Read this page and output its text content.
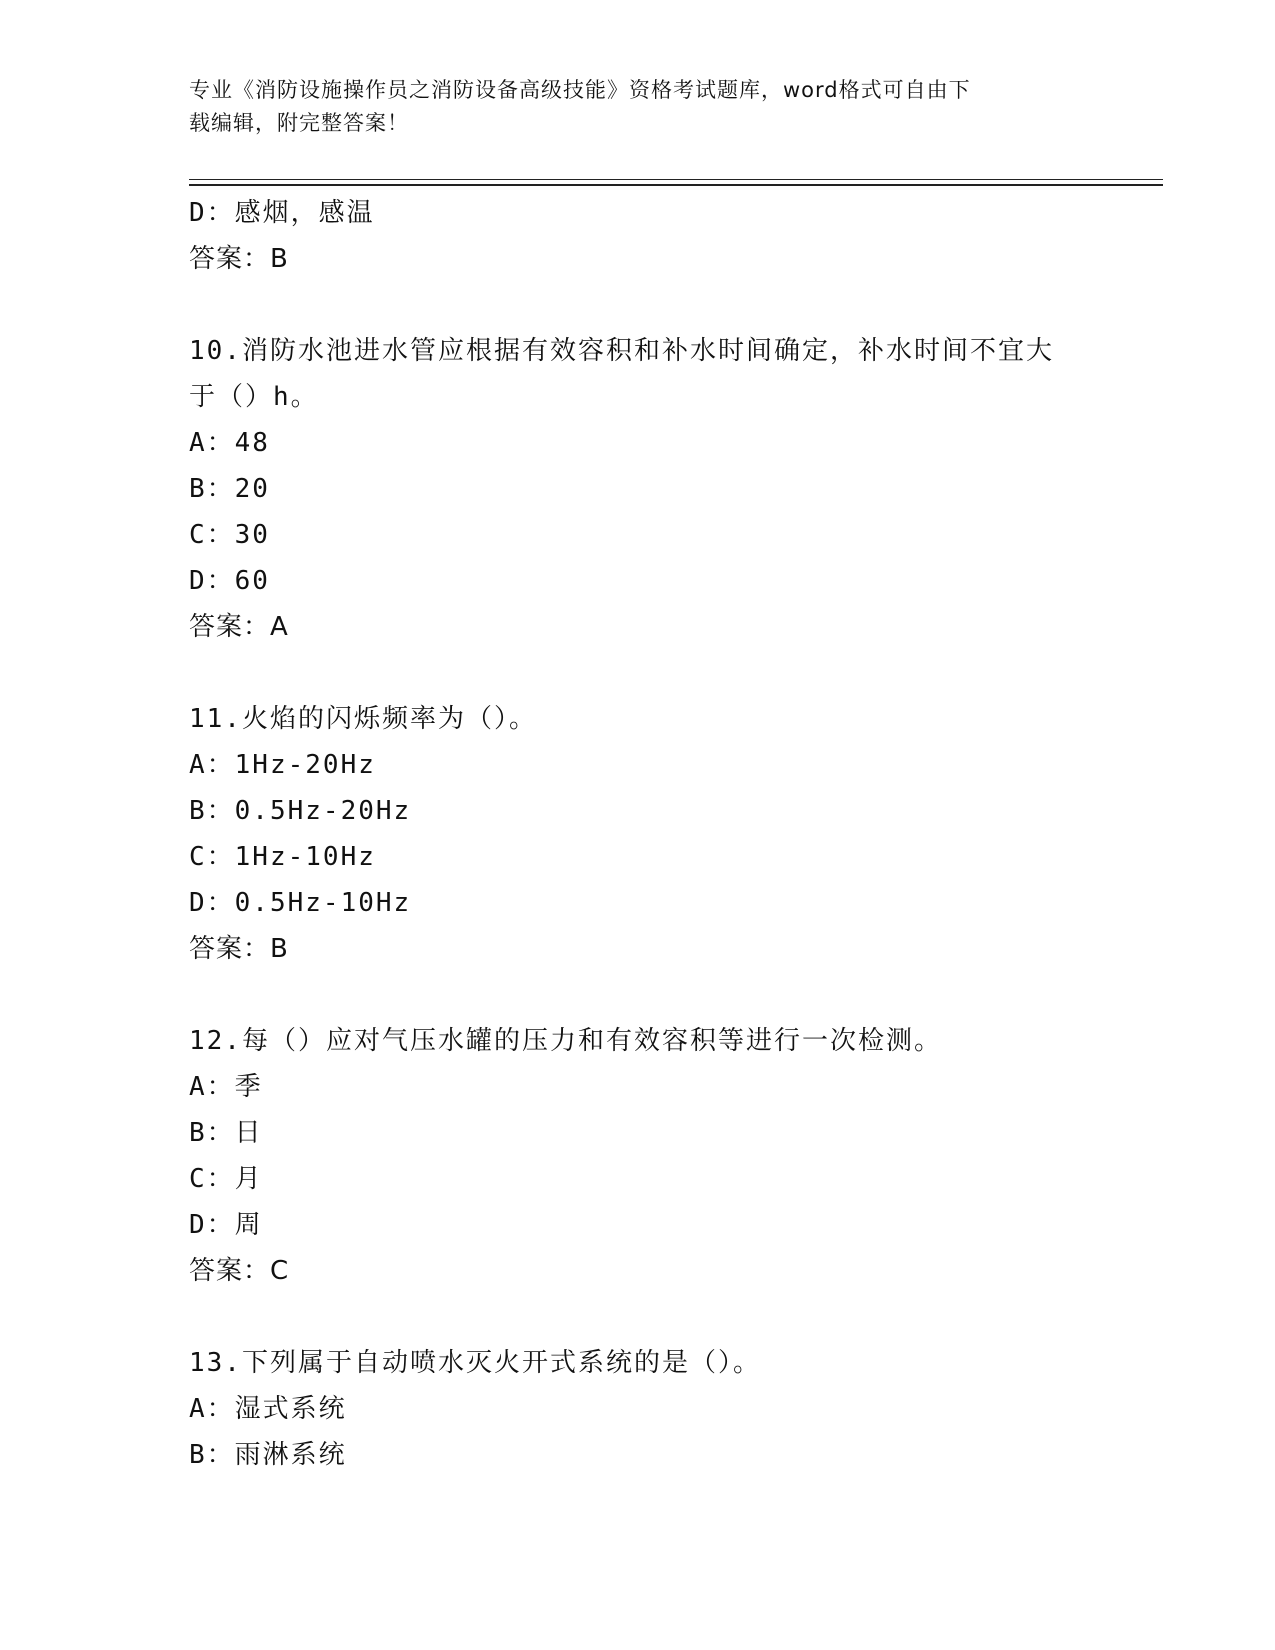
专业《消防设施操作员之消防设备高级技能》资格考试题库，word格式可自由下
载编辑，附完整答案！
D：感烟，感温
答案：B
10.消防水池进水管应根据有效容积和补水时间确定，补水时间不宜大
于（）h。
A：48
B：20
C：30
D：60
答案：A
11.火焰的闪烁频率为（）。
A：1Hz-20Hz
B：0.5Hz-20Hz
C：1Hz-10Hz
D：0.5Hz-10Hz
答案：B
12.每（）应对气压水罐的压力和有效容积等进行一次检测。
A：季
B：日
C：月
D：周
答案：C
13.下列属于自动喷水灭火开式系统的是（）。
A：湿式系统
B：雨淋系统
